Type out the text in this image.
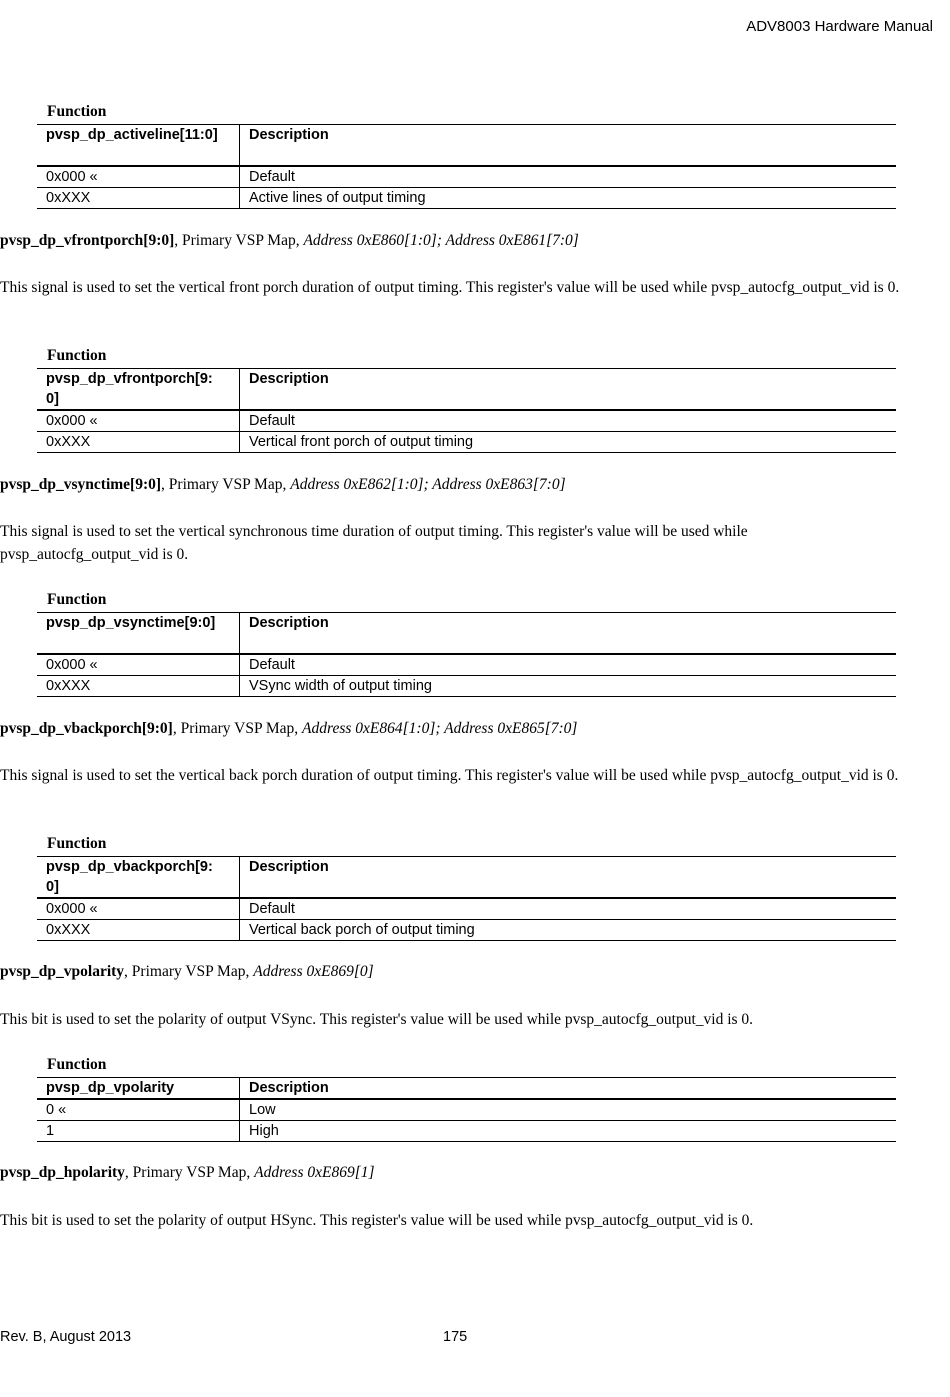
ADV8003 Hardware Manual
Function
pvsp_dp_activeline[11:0]	Description
0x000 «	Default
0xXXX	Active lines of output timing
pvsp_dp_vfrontporch[9:0], Primary VSP Map, Address 0xE860[1:0]; Address 0xE861[7:0]
This signal is used to set the vertical front porch duration of output timing. This register's value will be used while pvsp_autocfg_output_vid is 0.
Function
pvsp_dp_vfrontporch[9:0]	Description
0x000 «	Default
0xXXX	Vertical front porch of output timing
pvsp_dp_vsynctime[9:0], Primary VSP Map, Address 0xE862[1:0]; Address 0xE863[7:0]
This signal is used to set the vertical synchronous time duration of output timing. This register's value will be used while pvsp_autocfg_output_vid is 0.
Function
pvsp_dp_vsynctime[9:0]	Description
0x000 «	Default
0xXXX	VSync width of output timing
pvsp_dp_vbackporch[9:0], Primary VSP Map, Address 0xE864[1:0]; Address 0xE865[7:0]
This signal is used to set the vertical back porch duration of output timing. This register's value will be used while pvsp_autocfg_output_vid is 0.
Function
pvsp_dp_vbackporch[9:0]	Description
0x000 «	Default
0xXXX	Vertical back porch of output timing
pvsp_dp_vpolarity, Primary VSP Map, Address 0xE869[0]
This bit is used to set the polarity of output VSync. This register's value will be used while pvsp_autocfg_output_vid is 0.
Function
pvsp_dp_vpolarity	Description
0 «	Low
1	High
pvsp_dp_hpolarity, Primary VSP Map, Address 0xE869[1]
This bit is used to set the polarity of output HSync. This register's value will be used while pvsp_autocfg_output_vid is 0.
Rev. B, August 2013	175
